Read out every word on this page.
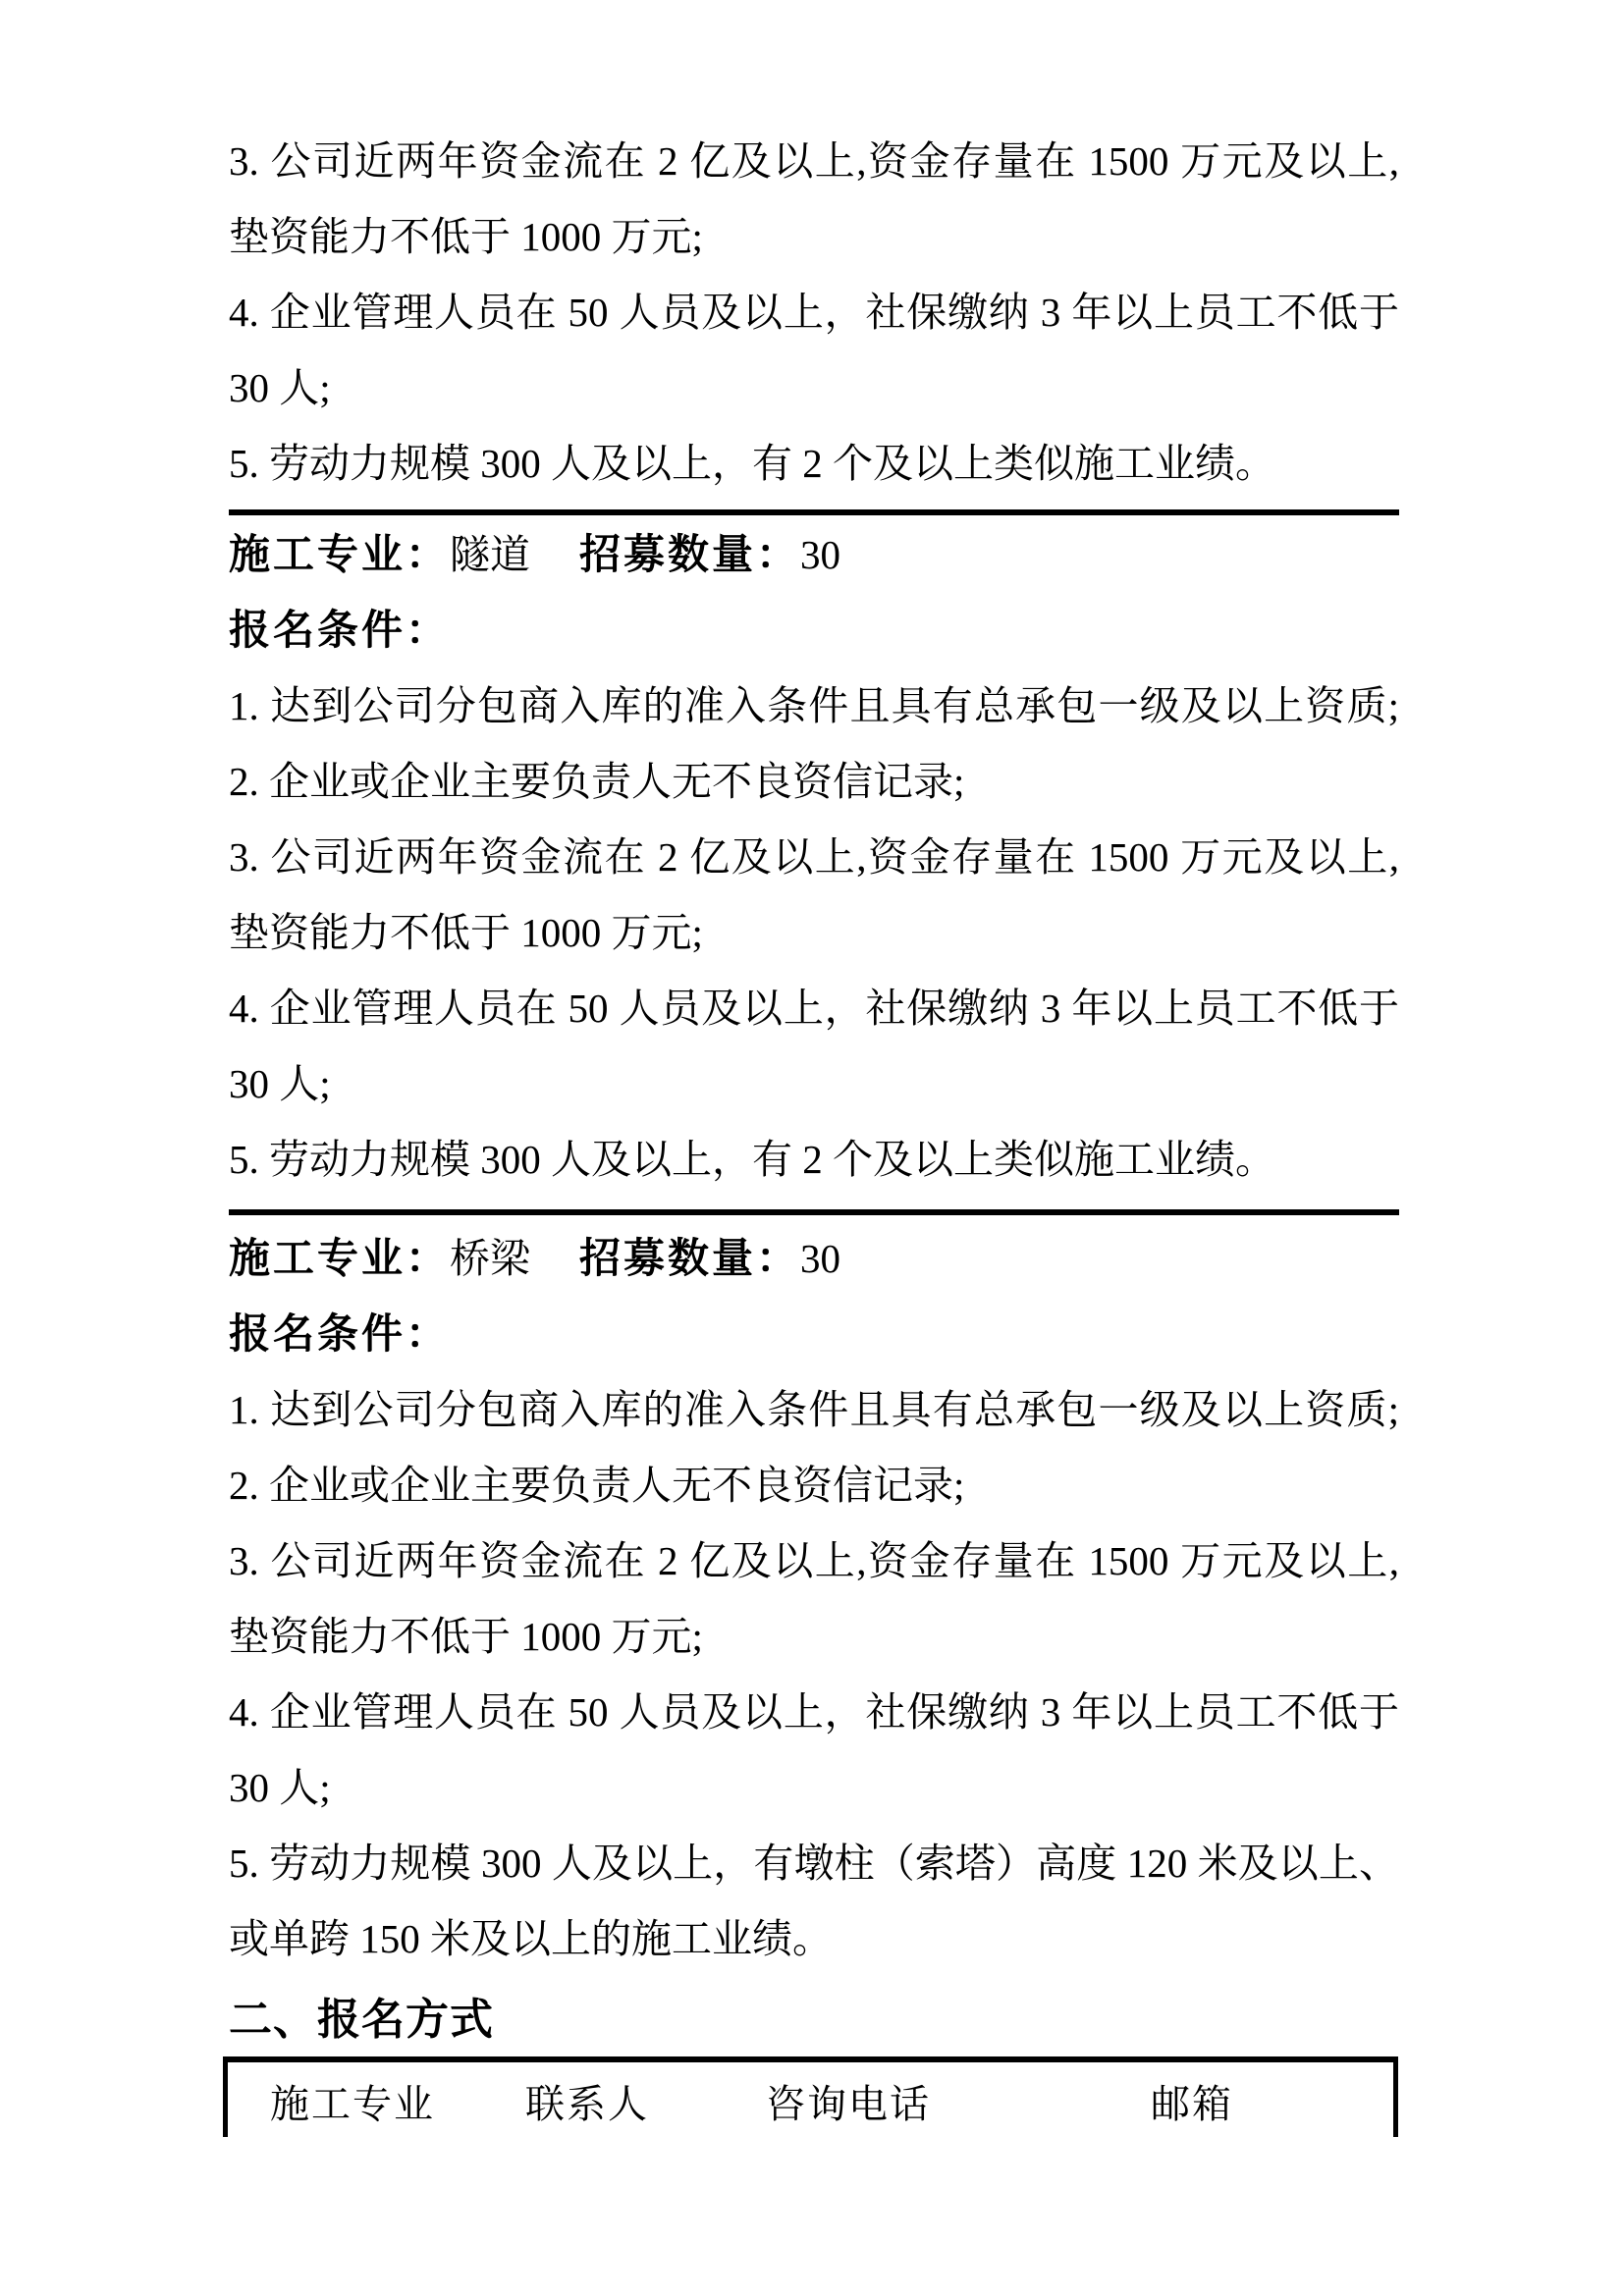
3. 公司近两年资金流在 2 亿及以上,资金存量在 1500 万元及以上,
垫资能力不低于 1000 万元;
4. 企业管理人员在 50 人员及以上，社保缴纳 3 年以上员工不低于
30 人;
5. 劳动力规模 300 人及以上，有 2 个及以上类似施工业绩。
施工专业：隧道 招募数量：30
报名条件：
1. 达到公司分包商入库的准入条件且具有总承包一级及以上资质;
2. 企业或企业主要负责人无不良资信记录;
3. 公司近两年资金流在 2 亿及以上,资金存量在 1500 万元及以上,
垫资能力不低于 1000 万元;
4. 企业管理人员在 50 人员及以上，社保缴纳 3 年以上员工不低于
30 人;
5. 劳动力规模 300 人及以上，有 2 个及以上类似施工业绩。
施工专业：桥梁 招募数量：30
报名条件：
1. 达到公司分包商入库的准入条件且具有总承包一级及以上资质;
2. 企业或企业主要负责人无不良资信记录;
3. 公司近两年资金流在 2 亿及以上,资金存量在 1500 万元及以上,
垫资能力不低于 1000 万元;
4. 企业管理人员在 50 人员及以上，社保缴纳 3 年以上员工不低于
30 人;
5. 劳动力规模 300 人及以上，有墩柱（索塔）高度 120 米及以上、
或单跨 150 米及以上的施工业绩。
二、报名方式
施工专业 联系人	咨询电话	邮箱
